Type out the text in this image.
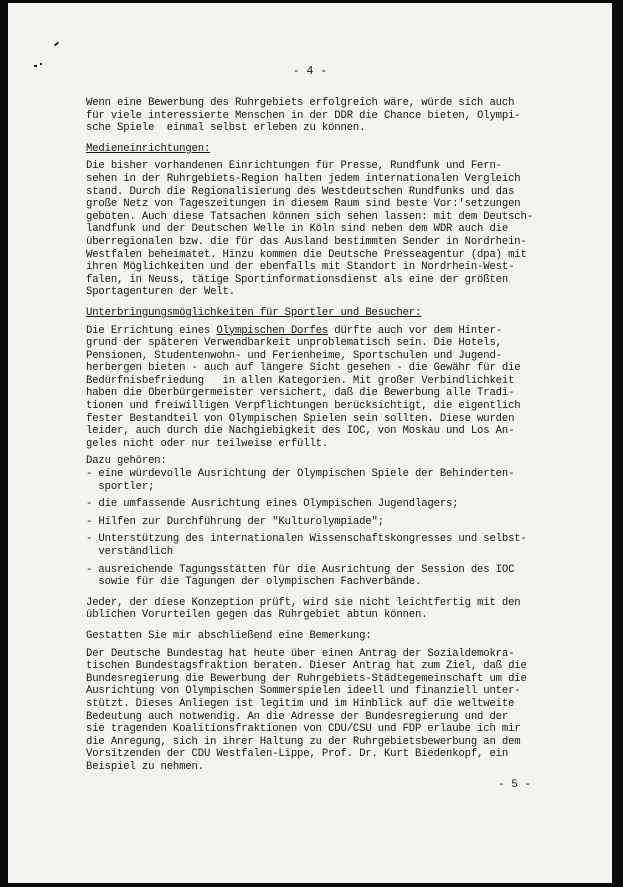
- 4 -
Wenn eine Bewerbung des Ruhrgebiets erfolgreich wäre, würde sich auch
für viele interessierte Menschen in der DDR die Chance bieten, Olympi-
sche Spiele  einmal selbst erleben zu können.
Medieneinrichtungen:
Die bisher vorhandenen Einrichtungen für Presse, Rundfunk und Fern-
sehen in der Ruhrgebiets-Region halten jedem internationalen Vergleich
stand. Durch die Regionalisierung des Westdeutschen Rundfunks und das
große Netz von Tageszeitungen in diesem Raum sind beste Vor:'setzungen
geboten. Auch diese Tatsachen können sich sehen lassen: mit dem Deutsch-
landfunk und der Deutschen Welle in Köln sind neben dem WDR auch die
überregionalen bzw. die für das Ausland bestimmten Sender in Nordrhein-
Westfalen beheimatet. Hinzu kommen die Deutsche Presseagentur (dpa) mit
ihren Möglichkeiten und der ebenfalls mit Standort in Nordrhein-West-
falen, in Neuss, tätige Sportinformationsdienst als eine der größten
Sportagenturen der Welt.
Unterbringungsmöglichkeiten für Sportler und Besucher:
Die Errichtung eines Olympischen Dorfes dürfte auch vor dem Hinter-
grund der späteren Verwendbarkeit unproblematisch sein. Die Hotels,
Pensionen, Studentenwohn- und Ferienheime, Sportschulen und Jugend-
herbergen bieten - auch auf längere Sicht gesehen - die Gewähr für die
Bedürfnisbefriedung   in allen Kategorien. Mit großer Verbindlichkeit
haben die Oberbürgermeister versichert, daß die Bewerbung alle Tradi-
tionen und freiwilligen Verpflichtungen berücksichtigt, die eigentlich
fester Bestandteil von Olympischen Spielen sein sollten. Diese wurden
leider, auch durch die Nachgiebigkeit des IOC, von Moskau und Los An-
geles nicht oder nur teilweise erfüllt.
Dazu gehören:
- eine würdevolle Ausrichtung der Olympischen Spiele der Behinderten-
sportler;
- die umfassende Ausrichtung eines Olympischen Jugendlagers;
- Hilfen zur Durchführung der "Kulturolympiade";
- Unterstützung des internationalen Wissenschaftskongresses und selbst-
verständlich
- ausreichende Tagungsstätten für die Ausrichtung der Session des IOC
sowie für die Tagungen der olympischen Fachverbände.
Jeder, der diese Konzeption prüft, wird sie nicht leichtfertig mit den
üblichen Vorurteilen gegen das Ruhrgebiet abtun können.
Gestatten Sie mir abschließend eine Bemerkung:
Der Deutsche Bundestag hat heute über einen Antrag der Sozialdemokra-
tischen Bundestagsfraktion beraten. Dieser Antrag hat zum Ziel, daß die
Bundesregierung die Bewerbung der Ruhrgebiets-Städtegemeinschaft um die
Ausrichtung von Olympischen Sommerspielen ideell und finanziell unter-
stützt. Dieses Anliegen ist legitim und im Hinblick auf die weltweite
Bedeutung auch notwendig. An die Adresse der Bundesregierung und der
sie tragenden Koalitionsfraktionen von CDU/CSU und FDP erlaube ich mir
die Anregung, sich in ihrer Haltung zu der Ruhrgebietsbewerbung an dem
Vorsitzenden der CDU Westfalen-Lippe, Prof. Dr. Kurt Biedenkopf, ein
Beispiel zu nehmen.
- 5 -
